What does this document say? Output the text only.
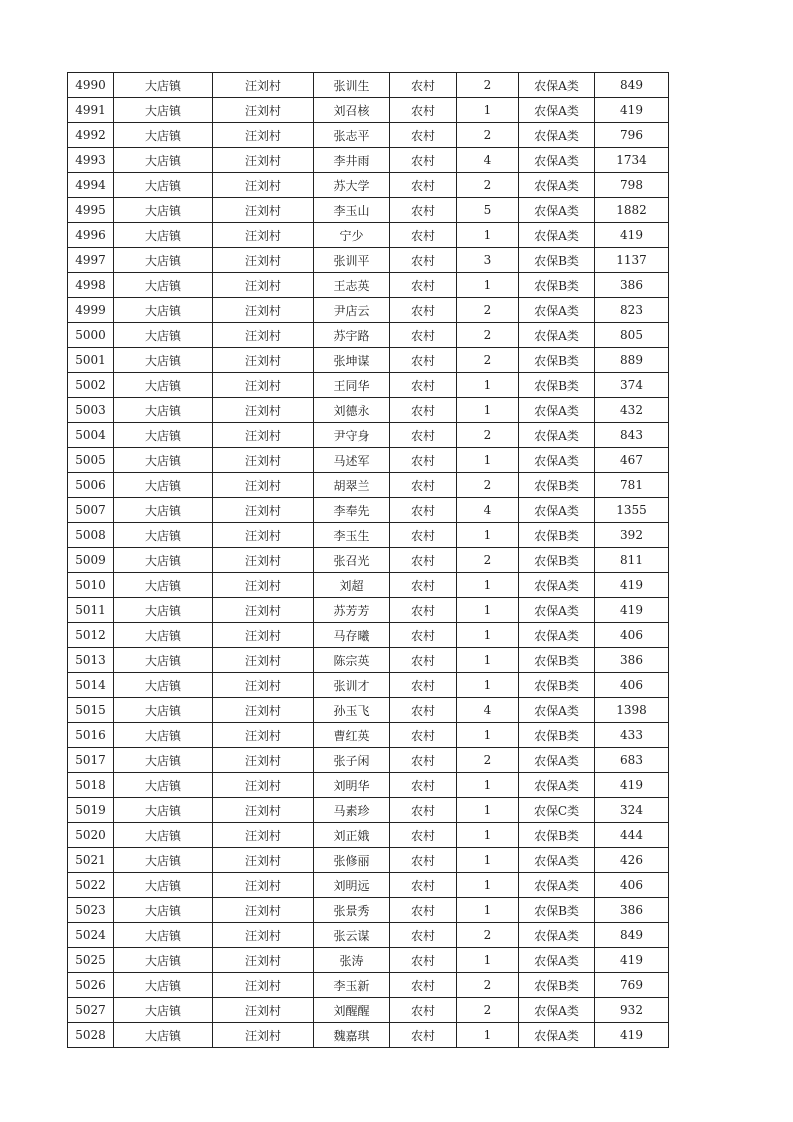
4990	大店镇	汪刘村	张训生	农村	2	农保A类	849
4991	大店镇	汪刘村	刘召核	农村	1	农保A类	419
4992	大店镇	汪刘村	张志平	农村	2	农保A类	796
4993	大店镇	汪刘村	李井雨	农村	4	农保A类	1734
4994	大店镇	汪刘村	苏大学	农村	2	农保A类	798
4995	大店镇	汪刘村	李玉山	农村	5	农保A类	1882
4996	大店镇	汪刘村	宁少	农村	1	农保A类	419
4997	大店镇	汪刘村	张训平	农村	3	农保B类	1137
4998	大店镇	汪刘村	王志英	农村	1	农保B类	386
4999	大店镇	汪刘村	尹店云	农村	2	农保A类	823
5000	大店镇	汪刘村	苏宇路	农村	2	农保A类	805
5001	大店镇	汪刘村	张坤谋	农村	2	农保B类	889
5002	大店镇	汪刘村	王同华	农村	1	农保B类	374
5003	大店镇	汪刘村	刘德永	农村	1	农保A类	432
5004	大店镇	汪刘村	尹守身	农村	2	农保A类	843
5005	大店镇	汪刘村	马述军	农村	1	农保A类	467
5006	大店镇	汪刘村	胡翠兰	农村	2	农保B类	781
5007	大店镇	汪刘村	李奉先	农村	4	农保A类	1355
5008	大店镇	汪刘村	李玉生	农村	1	农保B类	392
5009	大店镇	汪刘村	张召光	农村	2	农保B类	811
5010	大店镇	汪刘村	刘超	农村	1	农保A类	419
5011	大店镇	汪刘村	苏芳芳	农村	1	农保A类	419
5012	大店镇	汪刘村	马存曦	农村	1	农保A类	406
5013	大店镇	汪刘村	陈宗英	农村	1	农保B类	386
5014	大店镇	汪刘村	张训才	农村	1	农保B类	406
5015	大店镇	汪刘村	孙玉飞	农村	4	农保A类	1398
5016	大店镇	汪刘村	曹红英	农村	1	农保B类	433
5017	大店镇	汪刘村	张子闲	农村	2	农保A类	683
5018	大店镇	汪刘村	刘明华	农村	1	农保A类	419
5019	大店镇	汪刘村	马素珍	农村	1	农保C类	324
5020	大店镇	汪刘村	刘正娥	农村	1	农保B类	444
5021	大店镇	汪刘村	张修丽	农村	1	农保A类	426
5022	大店镇	汪刘村	刘明远	农村	1	农保A类	406
5023	大店镇	汪刘村	张景秀	农村	1	农保B类	386
5024	大店镇	汪刘村	张云谋	农村	2	农保A类	849
5025	大店镇	汪刘村	张涛	农村	1	农保A类	419
5026	大店镇	汪刘村	李玉新	农村	2	农保B类	769
5027	大店镇	汪刘村	刘醒醒	农村	2	农保A类	932
5028	大店镇	汪刘村	魏嘉琪	农村	1	农保A类	419
